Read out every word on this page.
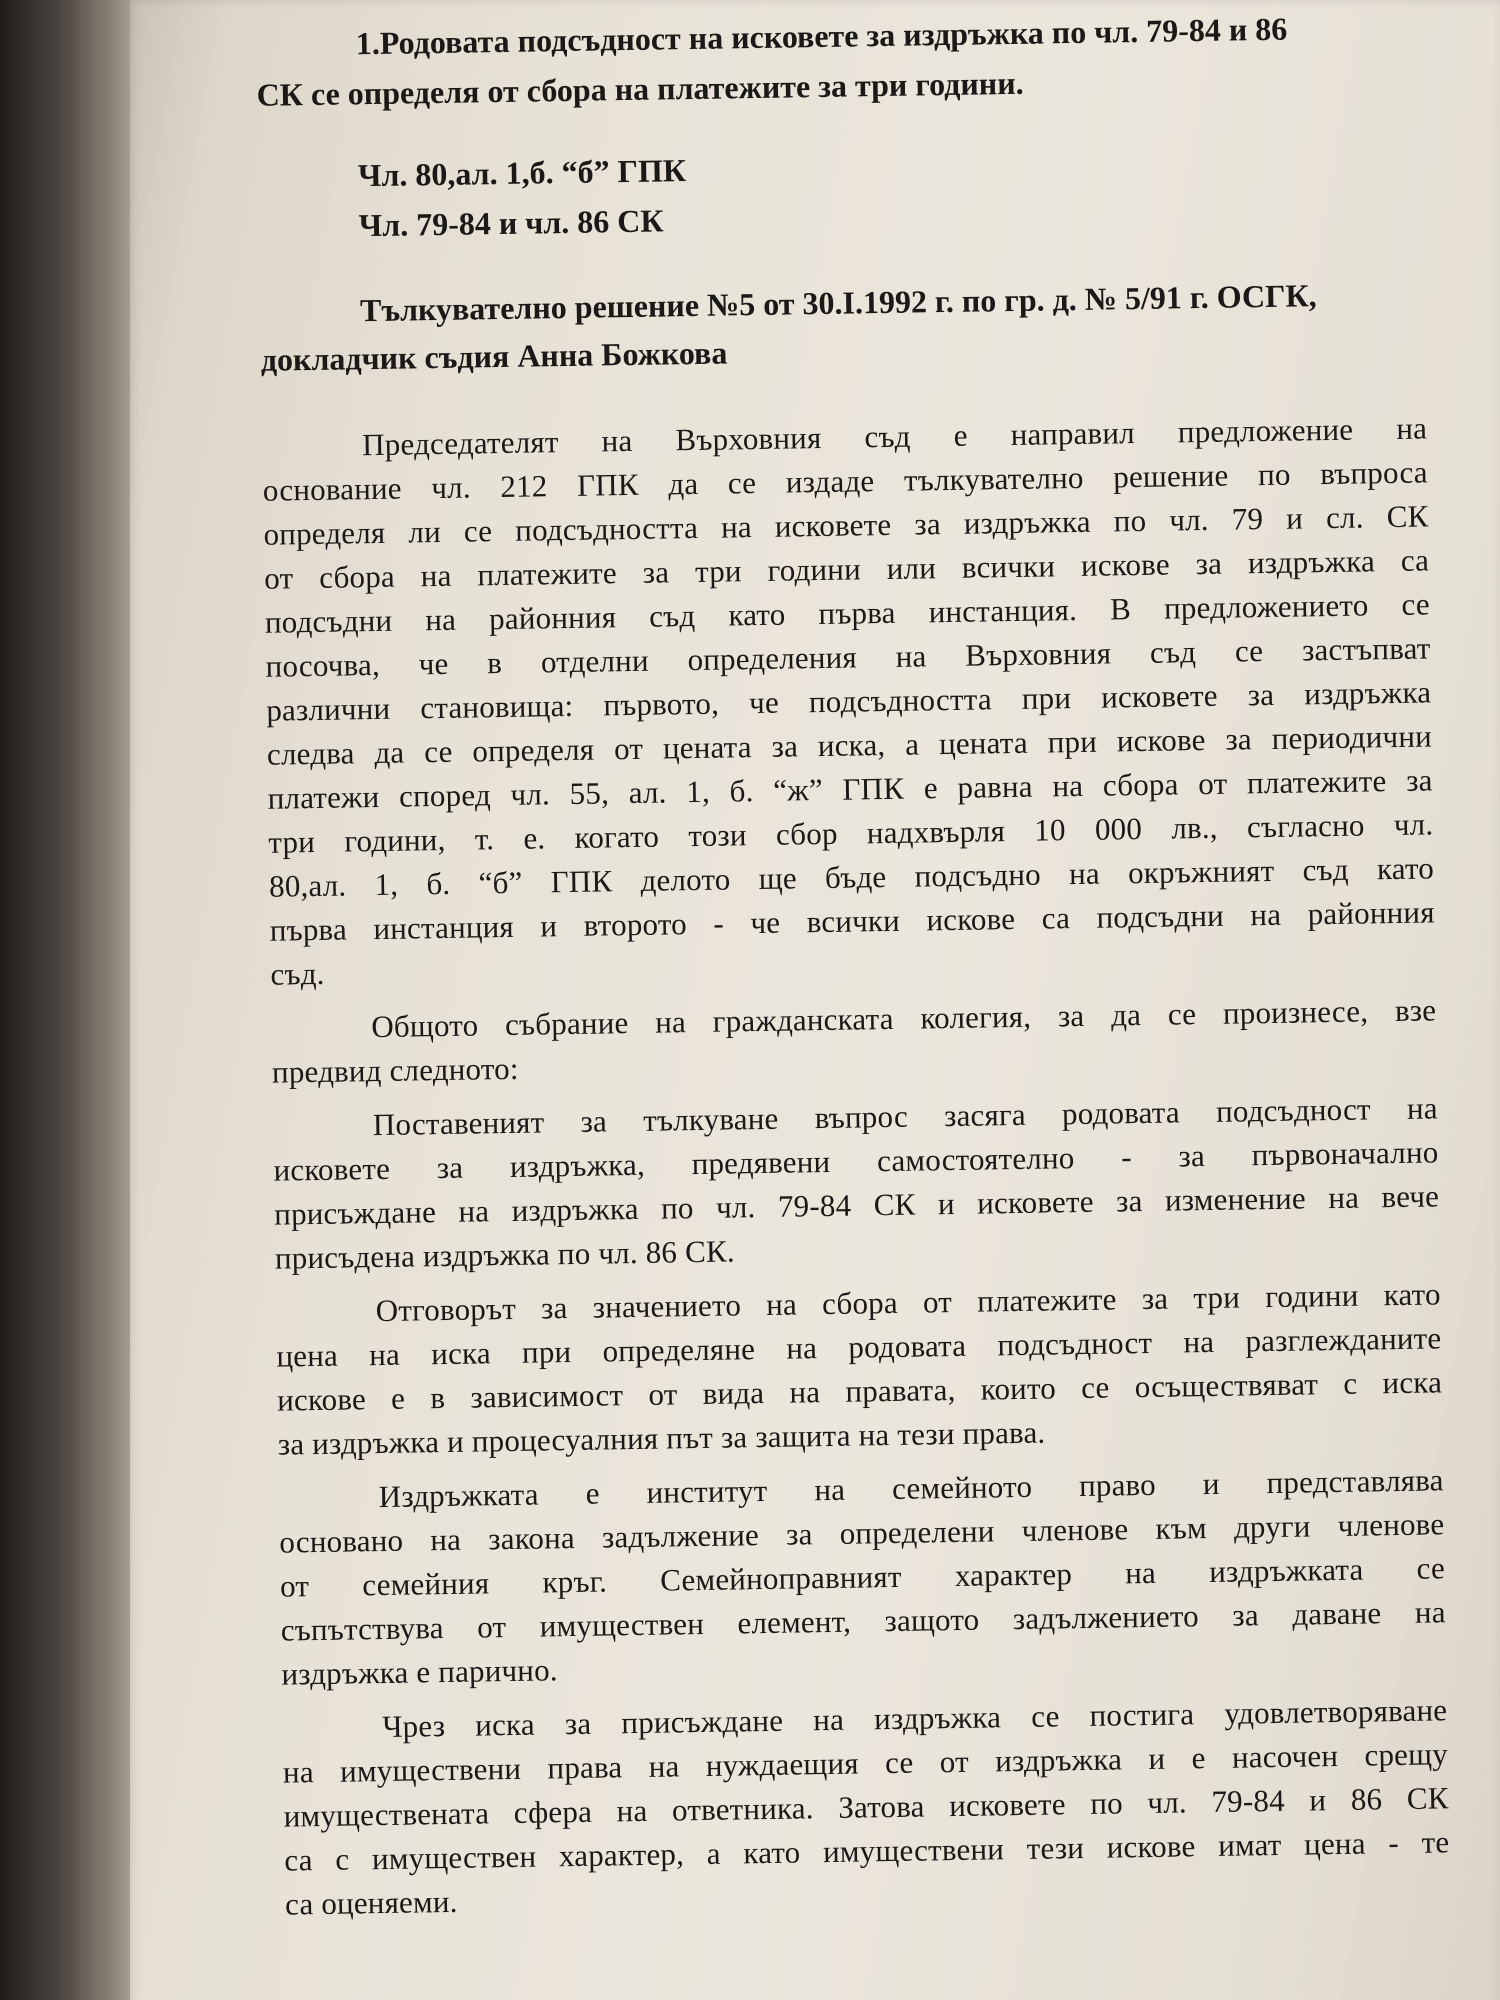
1.Родовата подсъдност на исковете за издръжка по чл. 79-84 и 86
СК се определя от сбора на платежите за три години.
Чл. 80,ал. 1,б. “б” ГПК
Чл. 79-84 и чл. 86 СК
Тълкувателно решение №5 от 30.I.1992 г. по гр. д. № 5/91 г. ОСГК,
докладчик съдия Анна Божкова
Председателят на Върховния съд е направил предложение на
основание чл. 212 ГПК да се издаде тълкувателно решение по въпроса
определя ли се подсъдността на исковете за издръжка по чл. 79 и сл. СК
от сбора на платежите за три години или всички искове за издръжка са
подсъдни на районния съд като първа инстанция. В предложението се
посочва, че в отделни определения на Върховния съд се застъпват
различни становища: първото, че подсъдността при исковете за издръжка
следва да се определя от цената за иска, а цената при искове за периодични
платежи според чл. 55, ал. 1, б. “ж” ГПК е равна на сбора от платежите за
три години, т. е. когато този сбор надхвърля 10 000 лв., съгласно чл.
80,ал. 1, б. “б” ГПК делото ще бъде подсъдно на окръжният съд като
първа инстанция и второто - че всички искове са подсъдни на районния
съд.
Общото събрание на гражданската колегия, за да се произнесе, взе
предвид следното:
Поставеният за тълкуване въпрос засяга родовата подсъдност на
исковете за издръжка, предявени самостоятелно - за първоначално
присъждане на издръжка по чл. 79-84 СК и исковете за изменение на вече
присъдена издръжка по чл. 86 СК.
Отговорът за значението на сбора от платежите за три години като
цена на иска при определяне на родовата подсъдност на разглежданите
искове е в зависимост от вида на правата, които се осъществяват с иска
за издръжка и процесуалния път за защита на тези права.
Издръжката е институт на семейното право и представлява
основано на закона задължение за определени членове към други членове
от семейния кръг. Семейноправният характер на издръжката се
съпътствува от имуществен елемент, защото задължението за даване на
издръжка е парично.
Чрез иска за присъждане на издръжка се постига удовлетворяване
на имуществени права на нуждаещия се от издръжка и е насочен срещу
имуществената сфера на ответника. Затова исковете по чл. 79-84 и 86 СК
са с имуществен характер, а като имуществени тези искове имат цена - те
са оценяеми.
